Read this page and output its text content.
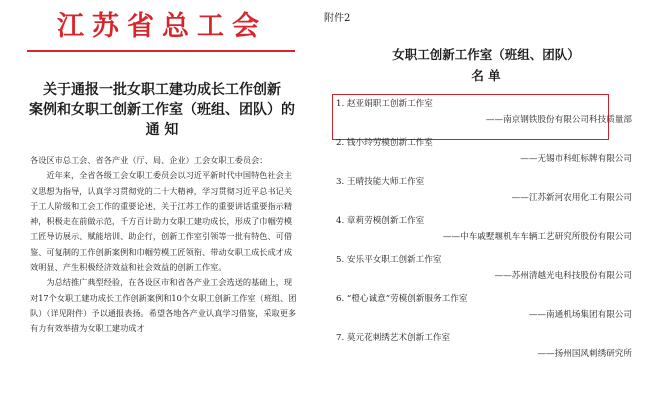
江苏省总工会
关于通报一批女职工建功成长工作创新
案例和女职工创新工作室（班组、团队）的
通 知

各设区市总工会、省各产业（厅、局、企业）工会女职工委员会：

近年来，全省各级工会女职工委员会以习近平新时代中国特色社会主义思想为指导，认真学习贯彻党的二十大精神，学习贯彻习近平总书记关于工人阶级和工会工作的重要论述、关于江苏工作的重要讲话重要指示精神，积极走在前做示范，千方百计助力女职工建功成长，形成了巾帼劳模工匠导访展示、赋能培训、助企行，创新工作室引领等一批有特色、可借鉴、可复制的工作创新案例和巾帼劳模工匠领衔、带动女职工成长成才成效明显、产生积极经济效益和社会效益的创新工作室。

为总结推广典型经验，在各设区市和省各产业工会选送的基础上，现对17个女职工建功成长工作创新案例和10个女职工创新工作室（班组、团队）（详见附件）予以通报表扬。希望各地各产业认真学习借鉴，采取更多有力有效举措为女职工建功成才

附件2
女职工创新工作室（班组、团队）
名 单
1. 赵亚娟职工创新工作室
——南京钢铁股份有限公司科技质量部
2. 钱小玲劳模创新工作室
——无锡市科虹标牌有限公司
3. 王晴技能大师工作室
——江苏新河农用化工有限公司
4. 章莉劳模创新工作室
——中车戚墅堰机车车辆工艺研究所股份有限公司
5. 安乐平女职工创新工作室
——苏州清越光电科技股份有限公司
6. “橙心诚意”劳模创新服务工作室
——南通机场集团有限公司
7. 莫元花刺绣艺术创新工作室
——扬州国风刺绣研究所
